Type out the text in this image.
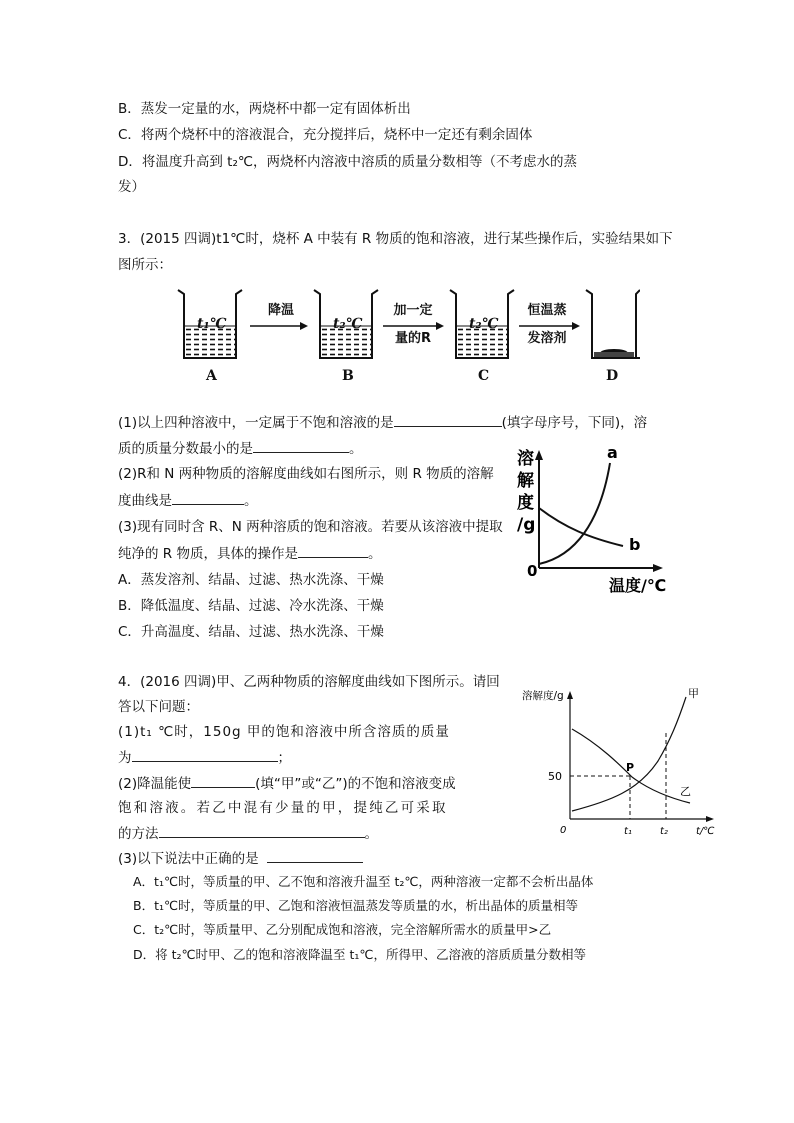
B．蒸发一定量的水，两烧杯中都一定有固体析出
C．将两个烧杯中的溶液混合，充分搅拌后，烧杯中一定还有剩余固体
D．将温度升高到 t₂℃，两烧杯内溶液中溶质的质量分数相等（不考虑水的蒸
发）
3．(2015 四调)t1℃时，烧杯 A 中装有 R 物质的饱和溶液，进行某些操作后，实验结果如下
图所示：
t₁℃	t₂℃	t₂℃
A	B	C	D
降温	加一定
量的R
恒温蒸
发溶剂
(1)以上四种溶液中，一定属于不饱和溶液的是	(填字母序号，下同)，溶
质的质量分数最小的是	。
(2)R和 N 两种物质的溶解度曲线如右图所示，则 R 物质的溶解
度曲线是	。
(3)现有同时含 R、N 两种溶质的饱和溶液。若要从该溶液中提取
纯净的 R 物质，具体的操作是	。
A．蒸发溶剂、结晶、过滤、热水洗涤、干燥
B．降低温度、结晶、过滤、冷水洗涤、干燥
C．升高温度、结晶、过滤、热水洗涤、干燥
溶
解
度
/g
0
a
b
温度/℃
4．(2016 四调)甲、乙两种物质的溶解度曲线如下图所示。请回
答以下问题：
(1)t₁ ℃时，150g 甲的饱和溶液中所含溶质的质量
为	；
(2)降温能使	(填“甲”或“乙”)的不饱和溶液变成
饱和溶液。若乙中混有少量的甲，提纯乙可采取
的方法	。
(3)以下说法中正确的是
A．t₁℃时，等质量的甲、乙不饱和溶液升温至 t₂℃，两种溶液一定都不会析出晶体
B．t₁℃时，等质量的甲、乙饱和溶液恒温蒸发等质量的水，析出晶体的质量相等
C．t₂℃时，等质量甲、乙分别配成饱和溶液，完全溶解所需水的质量甲>乙
D．将 t₂℃时甲、乙的饱和溶液降温至 t₁℃，所得甲、乙溶液的溶质质量分数相等
溶解度/g
50
P
0	t₁	t₂	t/℃
甲
乙
